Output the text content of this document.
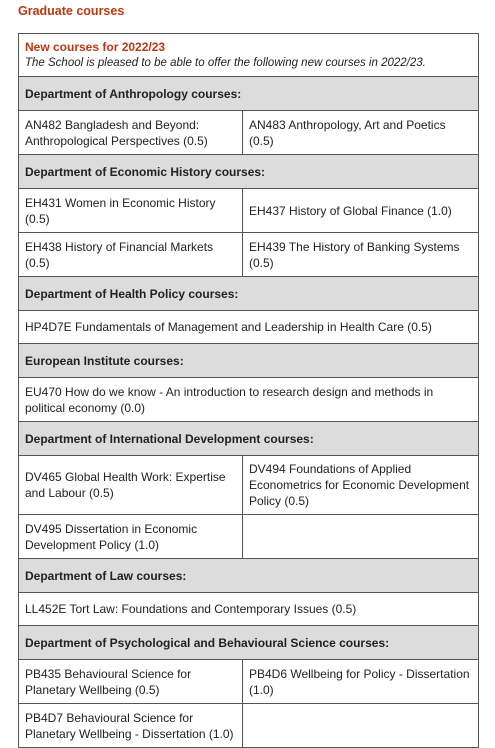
Graduate courses
New courses for 2022/23
The School is pleased to be able to offer the following new courses in 2022/23.	

Department of Anthropology courses:	
AN482 Bangladesh and Beyond: Anthropological Perspectives (0.5)	AN483 Anthropology, Art and Poetics (0.5)
Department of Economic History courses:	
EH431 Women in Economic History (0.5)	EH437 History of Global Finance (1.0)
EH438 History of Financial Markets (0.5)	EH439 The History of Banking Systems (0.5)
Department of Health Policy courses:	
HP4D7E Fundamentals of Management and Leadership in Health Care (0.5)	
European Institute courses:	
EU470 How do we know - An introduction to research design and methods in political economy (0.0)	
Department of International Development courses:	
DV465 Global Health Work: Expertise and Labour (0.5)	DV494 Foundations of Applied Econometrics for Economic Development Policy (0.5)
DV495 Dissertation in Economic Development Policy (1.0)	
Department of Law courses:	
LL452E Tort Law: Foundations and Contemporary Issues (0.5)	
Department of Psychological and Behavioural Science courses:	
PB435 Behavioural Science for Planetary Wellbeing (0.5)	PB4D6 Wellbeing for Policy - Dissertation (1.0)
PB4D7 Behavioural Science for Planetary Wellbeing - Dissertation (1.0)	
